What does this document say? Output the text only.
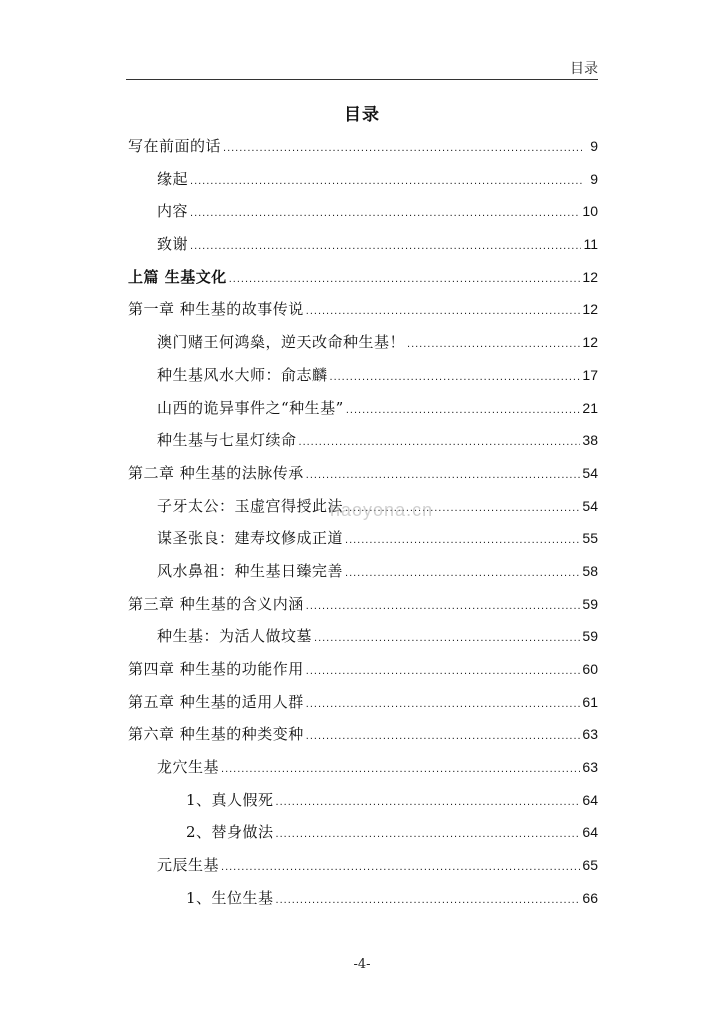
目录
目录
写在前面的话 .....	9
缘起 .....	9
内容 .....	10
致谢 .....	11
上篇 生基文化 .....	12
第一章 种生基的故事传说 .....	12
澳门赌王何鸿燊，逆天改命种生基！ .....	12
种生基风水大师：俞志麟 .....	17
山西的诡异事件之“种生基” .....	21
种生基与七星灯续命 .....	38
第二章 种生基的法脉传承 .....	54
子牙太公：玉虚宫得授此法 .....	54
谋圣张良：建寿坟修成正道 .....	55
风水鼻祖：种生基日臻完善 .....	58
第三章 种生基的含义内涵 .....	59
种生基：为活人做坟墓 .....	59
第四章 种生基的功能作用 .....	60
第五章 种生基的适用人群 .....	61
第六章 种生基的种类变种 .....	63
龙穴生基 .....	63
1、真人假死 .....	64
2、替身做法 .....	64
元辰生基 .....	65
1、生位生基 .....	66
haoyona.cn
-4-
